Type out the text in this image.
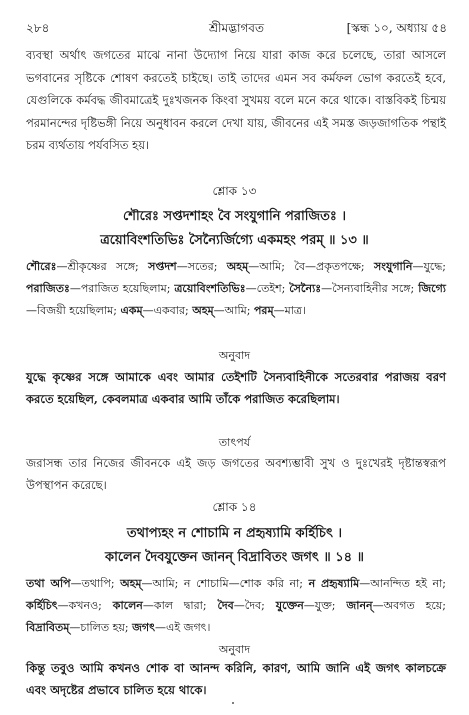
২৮৪	শ্রীমদ্ভাগবত	[স্কন্ধ ১০, অধ্যায় ৫৪

ব্যবস্থা অর্থাৎ জগতের মাঝে নানা উদ্যোগ নিয়ে যারা কাজ করে চলেছে, তারা আসলে ভগবানের সৃষ্টিকে শোষণ করতেই চাইছে। তাই তাদের এমন সব কর্মফল ভোগ করতেই হবে, যেগুলিকে কর্মবদ্ধ জীবমাত্রেই দুঃখজনক কিংবা সুখময় বলে মনে করে থাকে। বাস্তবিকই চিন্ময় পরমানন্দের দৃষ্টিভঙ্গী নিয়ে অনুধাবন করলে দেখা যায়, জীবনের এই সমস্ত জড়জাগতিক পন্থাই চরম ব্যর্থতায় পর্যবসিত হয়।

শ্লোক ১৩
শৌরেঃ সপ্তদশাহং বৈ সংযুগানি পরাজিতঃ ।
ত্রয়োবিংশতিভিঃ সৈন্যৈর্জিগ্যে একমহং পরম্ ॥ ১৩ ॥

শৌরেঃ—শ্রীকৃষ্ণের সঙ্গে; সপ্তদশ—সতের; অহম্—আমি; বৈ—প্রকৃতপক্ষে; সংযুগানি—যুদ্ধে; পরাজিতঃ—পরাজিত হয়েছিলাম; ত্রয়োবিংশতিভিঃ—তেইশ; সৈন্যৈঃ—সৈন্যবাহিনীর সঙ্গে; জিগ্যে—বিজয়ী হয়েছিলাম; একম্—একবার; অহম্—আমি; পরম্—মাত্র।

অনুবাদ

যুদ্ধে কৃষ্ণের সঙ্গে আমাকে এবং আমার তেইশটি সৈন্যবাহিনীকে সতেরবার পরাজয় বরণ করতে হয়েছিল, কেবলমাত্র একবার আমি তাঁকে পরাজিত করেছিলাম।

তাৎপর্য

জরাসন্ধ তার নিজের জীবনকে এই জড় জগতের অবশ্যম্ভাবী সুখ ও দুঃখেরই দৃষ্টান্তস্বরূপ উপস্থাপন করেছে।

শ্লোক ১৪
তথাপ্যহং ন শোচামি ন প্রহৃষ্যামি কর্হিচিৎ ।
কালেন দৈবযুক্তেন জানন্ বিদ্রাবিতং জগৎ ॥ ১৪ ॥

তথা অপি—তথাপি; অহম্—আমি; ন শোচামি—শোক করি না; ন প্রহৃষ্যামি—আনন্দিত হই না; কর্হিচিৎ—কখনও; কালেন—কাল দ্বারা; দৈব—দৈব; যুক্তেন—যুক্ত; জানন্—অবগত হয়ে; বিদ্রাবিতম্—চালিত হয়; জগৎ—এই জগৎ।

অনুবাদ

কিন্তু তবুও আমি কখনও শোক বা আনন্দ করিনি, কারণ, আমি জানি এই জগৎ কালচক্রে এবং অদৃষ্টের প্রভাবে চালিত হয়ে থাকে।
